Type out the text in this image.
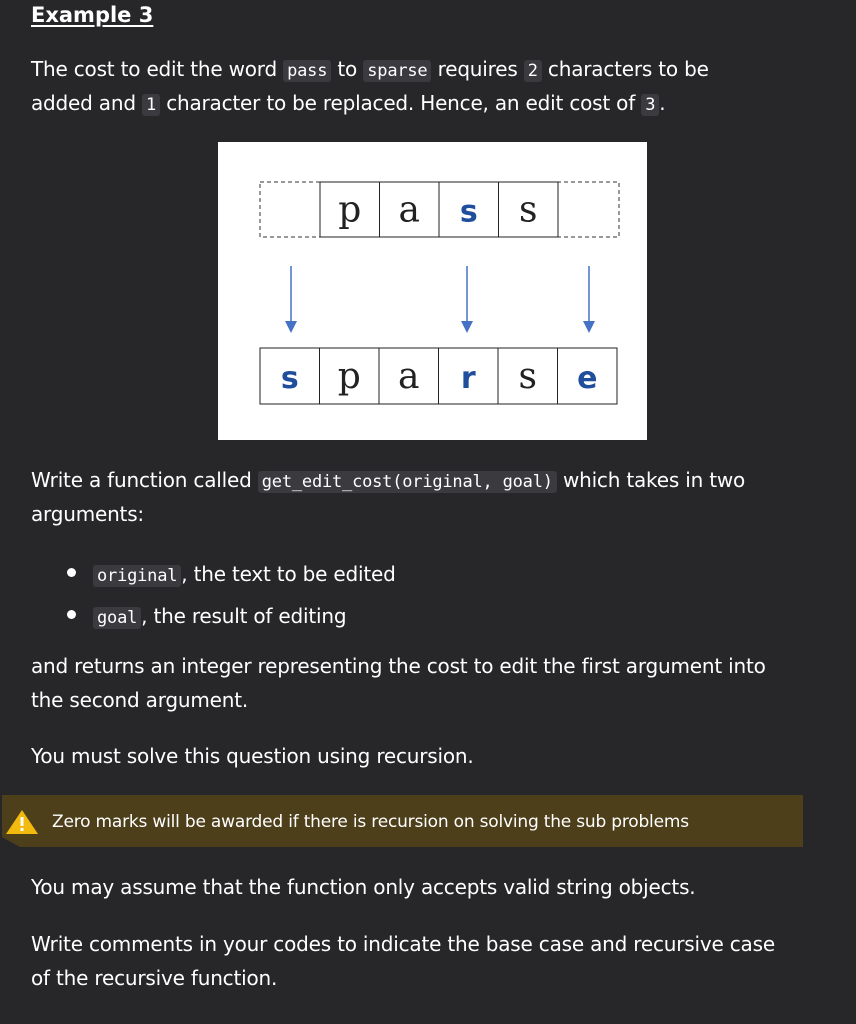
Example 3
The cost to edit the word pass to sparse requires 2 characters to be
added and 1 character to be replaced. Hence, an edit cost of 3 .
Write a function called get_edit_cost(original, goal) which takes in two
arguments:
original , the text to be edited
goal , the result of editing
and returns an integer representing the cost to edit the first argument into
the second argument.
You must solve this question using recursion.
You may assume that the function only accepts valid string objects.
Write comments in your codes to indicate the base case and recursive case
of the recursive function.
p a s s
s p a r s e
Zero marks will be awarded if there is recursion on solving the sub problems
